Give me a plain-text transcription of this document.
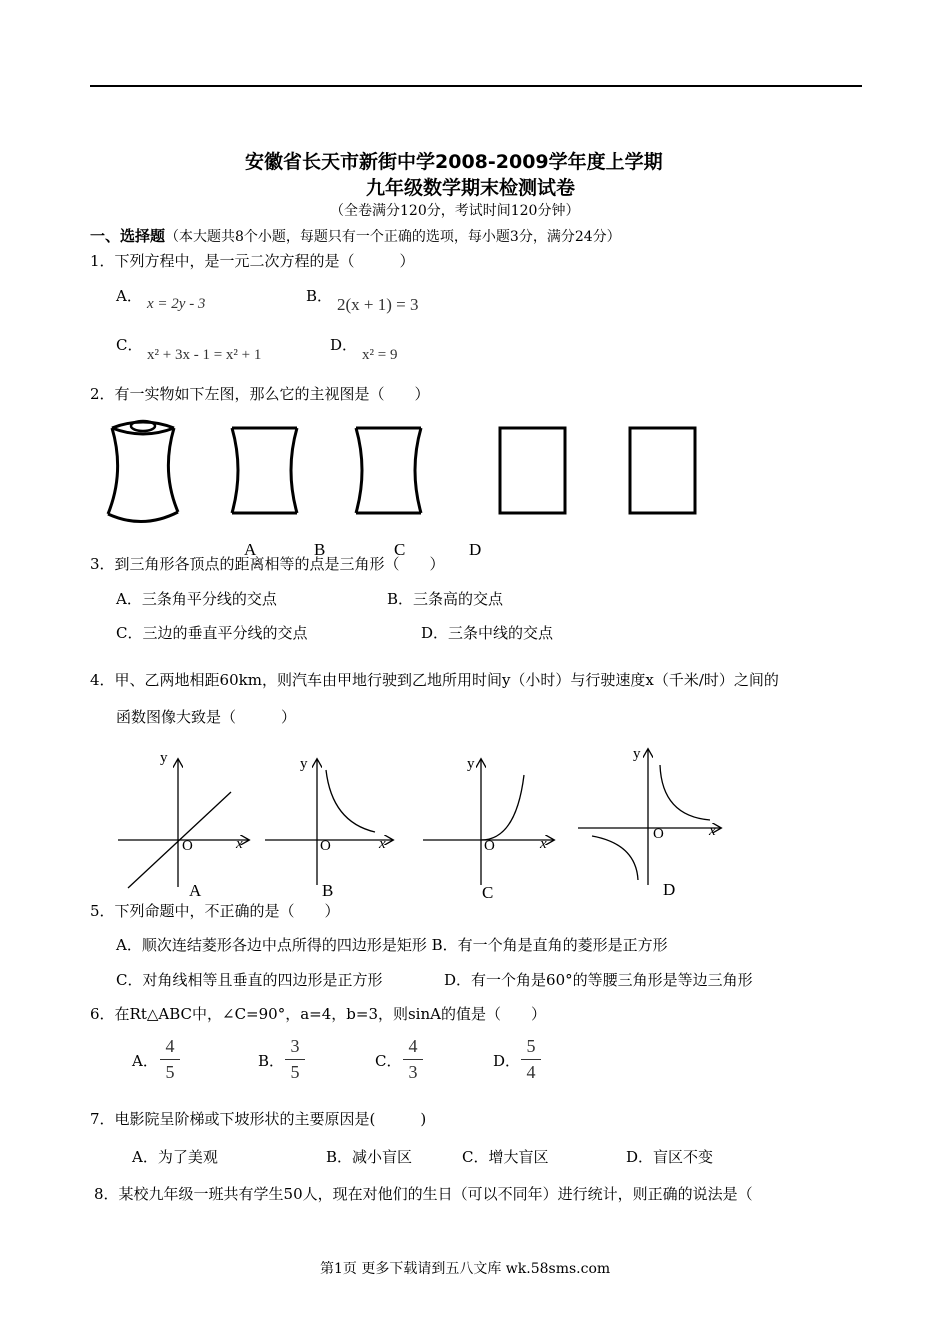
安徽省长天市新街中学2008-2009学年度上学期
九年级数学期末检测试卷
（全卷满分120分，考试时间120分钟）
一、选择题（本大题共8个小题，每题只有一个正确的选项，每小题3分，满分24分）
1．下列方程中，是一元二次方程的是（　　　）
A． x = 2y - 3	B． 2(x + 1) = 3
C．
x² + 3x - 1 = x² + 1
D．
x² = 9
2．有一实物如下左图，那么它的主视图是（　　）
A	B	C	D
3．到三角形各顶点的距离相等的点是三角形（　　）
A．三条角平分线的交点	B．三条高的交点
C．三边的垂直平分线的交点	D．三条中线的交点
4．甲、乙两地相距60km，则汽车由甲地行驶到乙地所用时间y（小时）与行驶速度x（千米/时）之间的
函数图像大致是（　　　）
y
O	x
A
y
O	x
B
y
O	x
C
y
O	x
D
5．下列命题中，不正确的是（　　）
A．顺次连结菱形各边中点所得的四边形是矩形 B．有一个角是直角的菱形是正方形
C．对角线相等且垂直的四边形是正方形	D．有一个角是60°的等腰三角形是等边三角形
6．在Rt△ABC中，∠C=90°，a=4，b=3，则sinA的值是（　　）
A．
4
5
B．
3
5
C．
4
3
D．
5
4
7．电影院呈阶梯或下坡形状的主要原因是(　　　)
A．为了美观	B．减小盲区	C．增大盲区	D．盲区不变
8．某校九年级一班共有学生50人，现在对他们的生日（可以不同年）进行统计，则正确的说法是（
第1页 更多下载请到五八文库 wk.58sms.com
